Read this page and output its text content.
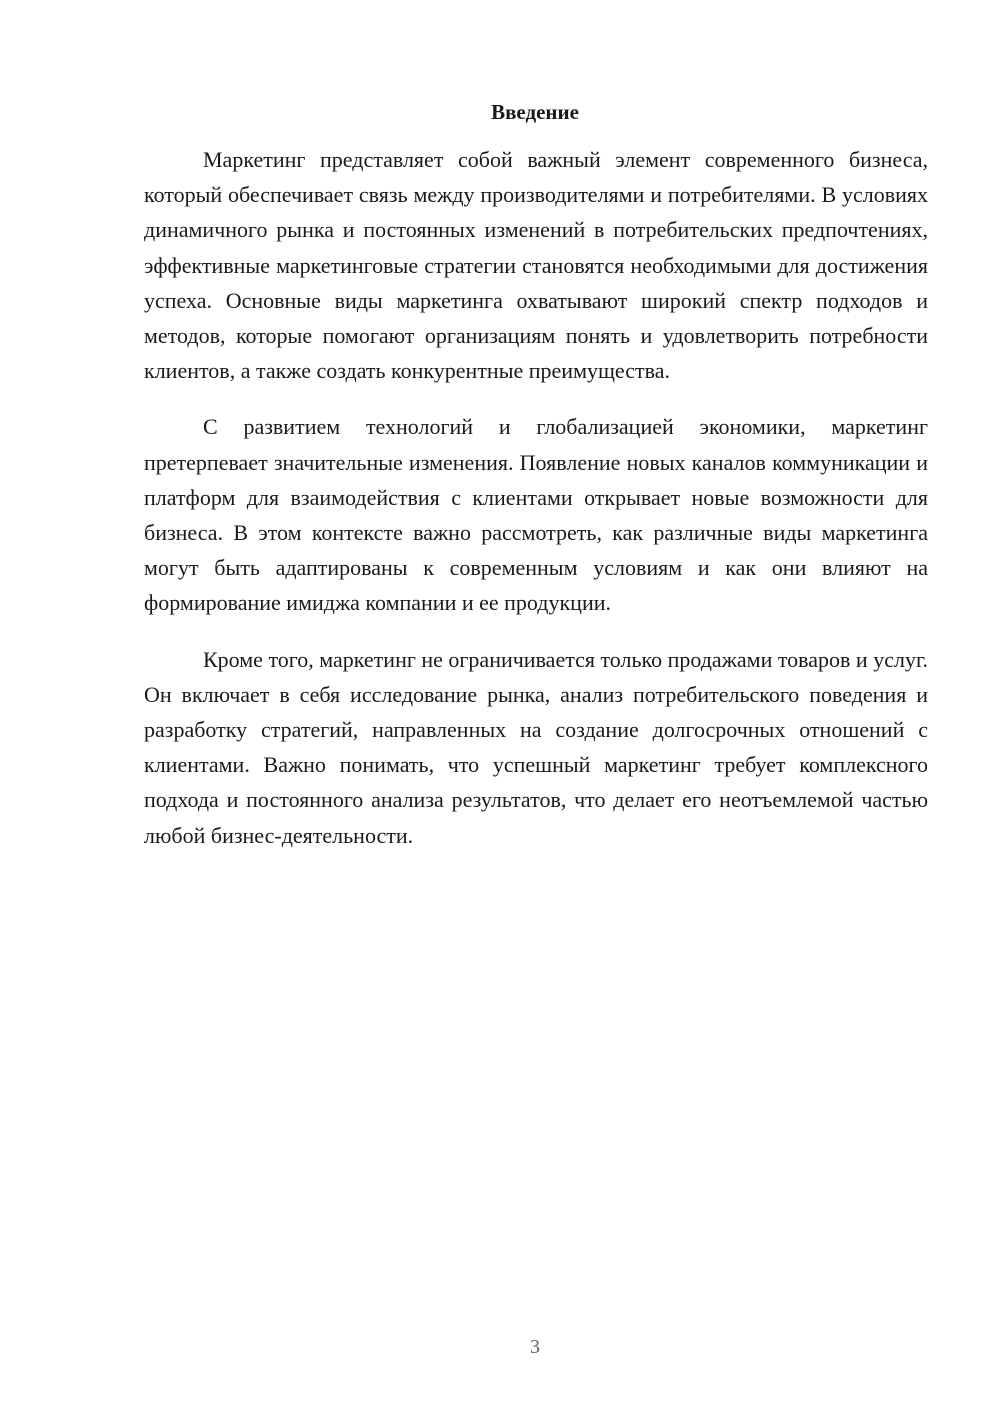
Введение

Маркетинг представляет собой важный элемент современного бизнеса, который обеспечивает связь между производителями и потребителями. В условиях динамичного рынка и постоянных изменений в потребительских предпочтениях, эффективные маркетинговые стратегии становятся необходимыми для достижения успеха. Основные виды маркетинга охватывают широкий спектр подходов и методов, которые помогают организациям понять и удовлетворить потребности клиентов, а также создать конкурентные преимущества.

С развитием технологий и глобализацией экономики, маркетинг претерпевает значительные изменения. Появление новых каналов коммуникации и платформ для взаимодействия с клиентами открывает новые возможности для бизнеса. В этом контексте важно рассмотреть, как различные виды маркетинга могут быть адаптированы к современным условиям и как они влияют на формирование имиджа компании и ее продукции.

Кроме того, маркетинг не ограничивается только продажами товаров и услуг. Он включает в себя исследование рынка, анализ потребительского поведения и разработку стратегий, направленных на создание долгосрочных отношений с клиентами. Важно понимать, что успешный маркетинг требует комплексного подхода и постоянного анализа результатов, что делает его неотъемлемой частью любой бизнес-деятельности.

3
